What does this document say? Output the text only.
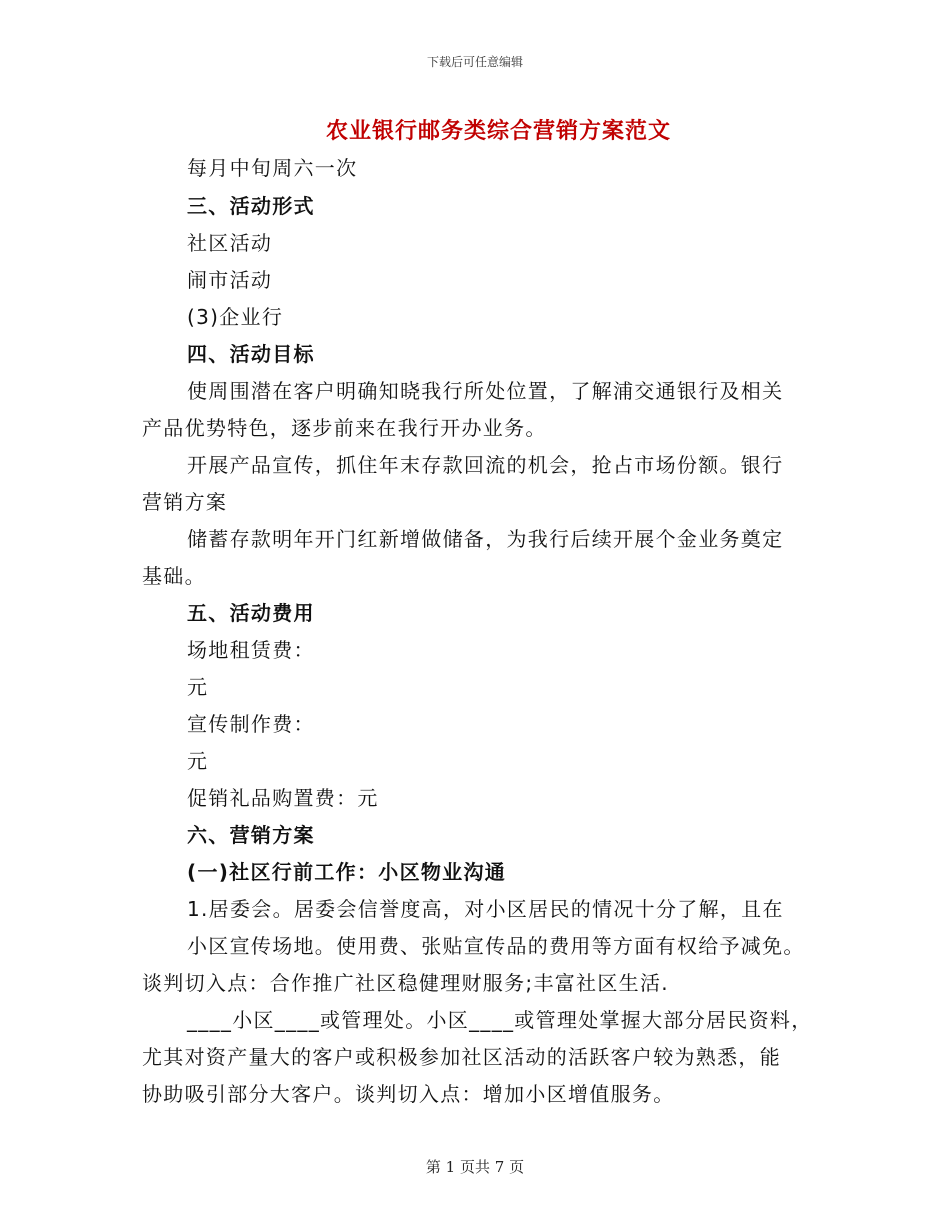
下载后可任意编辑
农业银行邮务类综合营销方案范文
每月中旬周六一次
三、活动形式
社区活动
闹市活动
(3)企业行
四、活动目标
使周围潜在客户明确知晓我行所处位置，了解浦交通银行及相关
产品优势特色，逐步前来在我行开办业务。
开展产品宣传，抓住年末存款回流的机会，抢占市场份额。银行
营销方案
储蓄存款明年开门红新增做储备，为我行后续开展个金业务奠定
基础。
五、活动费用
场地租赁费：
元
宣传制作费：
元
促销礼品购置费：元
六、营销方案
(一)社区行前工作：小区物业沟通
1.居委会。居委会信誉度高，对小区居民的情况十分了解，且在
小区宣传场地。使用费、张贴宣传品的费用等方面有权给予减免。
谈判切入点：合作推广社区稳健理财服务;丰富社区生活.
____小区____或管理处。小区____或管理处掌握大部分居民资料，
尤其对资产量大的客户或积极参加社区活动的活跃客户较为熟悉，能
协助吸引部分大客户。谈判切入点：增加小区增值服务。
第 1 页共 7 页
